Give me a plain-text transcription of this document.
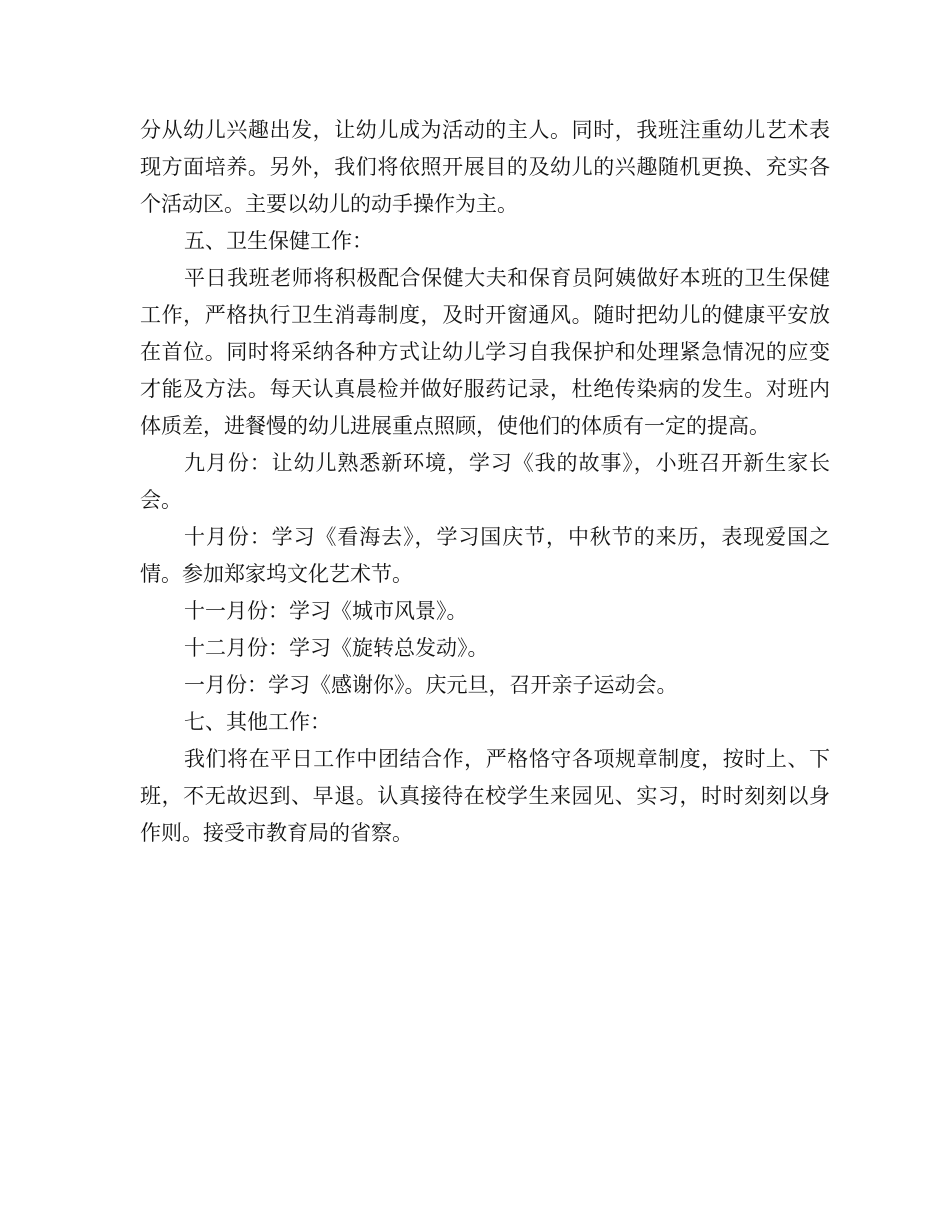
分从幼儿兴趣出发，让幼儿成为活动的主人。同时，我班注重幼儿艺术表现方面培养。另外，我们将依照开展目的及幼儿的兴趣随机更换、充实各个活动区。主要以幼儿的动手操作为主。

五、卫生保健工作：

平日我班老师将积极配合保健大夫和保育员阿姨做好本班的卫生保健工作，严格执行卫生消毒制度，及时开窗通风。随时把幼儿的健康平安放在首位。同时将采纳各种方式让幼儿学习自我保护和处理紧急情况的应变才能及方法。每天认真晨检并做好服药记录，杜绝传染病的发生。对班内体质差，进餐慢的幼儿进展重点照顾，使他们的体质有一定的提高。

九月份：让幼儿熟悉新环境，学习《我的故事》，小班召开新生家长会。

十月份：学习《看海去》，学习国庆节，中秋节的来历，表现爱国之情。参加郑家坞文化艺术节。

十一月份：学习《城市风景》。

十二月份：学习《旋转总发动》。

一月份：学习《感谢你》。庆元旦，召开亲子运动会。

七、其他工作：

我们将在平日工作中团结合作，严格恪守各项规章制度，按时上、下班，不无故迟到、早退。认真接待在校学生来园见、实习，时时刻刻以身作则。接受市教育局的省察。
